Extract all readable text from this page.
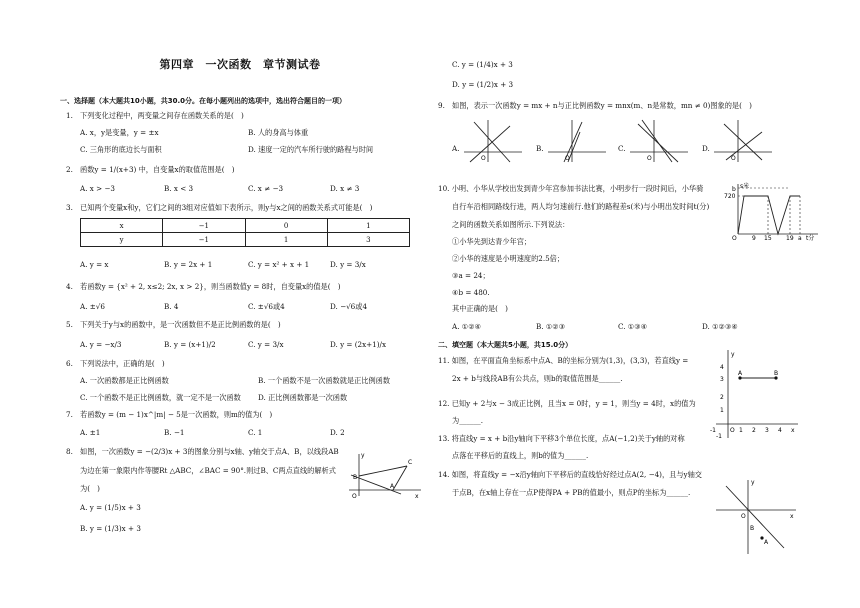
第四章　一次函数　章节测试卷
一、选择题（本大题共10小题，共30.0分。在每小题列出的选项中，选出符合题目的一项）
1.　下列变化过程中，两变量之间存在函数关系的是(　)
A. x，y是变量，y = ±x	B. 人的身高与体重
C. 三角形的底边长与面积	D. 速度一定的汽车所行驶的路程与时间
2.　函数y = 1/(x+3) 中，自变量x的取值范围是(　)
A. x > −3	B. x < 3	C. x ≠ −3	D. x ≠ 3
3.　已知两个变量x和y，它们之间的3组对应值如下表所示，则y与x之间的函数关系式可能是(　)
x	−1	0	1
y	−1	1	3
A. y = x	B. y = 2x + 1	C. y = x² + x + 1	D. y = 3/x
4.　若函数y = {x² + 2, x≤2; 2x, x > 2}，则当函数值y = 8时，自变量x的值是(　)
A. ±√6	B. 4	C. ±√6或4	D. −√6或4
5.　下列关于y与x的函数中，是一次函数但不是正比例函数的是(　)
A. y = −x/3	B. y = (x+1)/2	C. y = 3/x	D. y = (2x+1)/x
6.　下列说法中，正确的是(　)
A. 一次函数都是正比例函数	B. 一个函数不是一次函数就是正比例函数
C. 一个函数不是正比例函数，就一定不是一次函数 D. 正比例函数都是一次函数
7.　若函数y = (m − 1)x^|m| − 5是一次函数，则m的值为(　)
A. ±1	B. −1	C. 1	D. 2
8.　如图，一次函数y = −(2/3)x + 3的图象分别与x轴、y轴交于点A、B，以线段AB
为边在第一象限内作等腰Rt △ABC，∠BAC = 90°.则过B、C两点直线的解析式
为(　)
A. y = (1/5)x + 3
B. y = (1/3)x + 3
B
A
C
O	x
y
C. y = (1/4)x + 3
D. y = (1/2)x + 3
9.　如图，表示一次函数y = mx + n与正比例函数y = mnx(m、n是常数，mn ≠ 0)图象的是(　)
A.	B.	C.	D.
O	O	O	O
10. 小明、小华从学校出发到青少年宫参加书法比赛，小明步行一段时间后，小华骑
自行车沿相同路线行进，两人均匀速前行.他们的路程差s(米)与小明出发时间t(分)
之间的函数关系如图所示.下列说法：
①小华先到达青少年宫；
②小华的速度是小明速度的2.5倍；
③a = 24；
④b = 480.
其中正确的是(　)
A. ①②④	B. ①②③	C. ①③④	D. ①②③④
s米
b
720
O	9 15 19 a t分
二、填空题（本大题共5小题，共15.0分）
11. 如图，在平面直角坐标系中点A、B的坐标分别为(1,3)，(3,3)，若直线y =
2x + b与线段AB有公共点，则b的取值范围是______.
A	B
y
4
3
2
1
-1
-1 O 1 2 3 4 x
12. 已知y + 2与x − 3成正比例，且当x = 0时，y = 1，则当y = 4时，x的值为
为______.
13. 将直线y = x + b沿y轴向下平移3个单位长度，点A(−1,2)关于y轴的对称
点落在平移后的直线上，则b的值为______.
14. 如图，将直线y = −x沿y轴向下平移后的直线恰好经过点A(2, −4)，且与y轴交
于点B，在x轴上存在一点P使得PA + PB的值最小，则点P的坐标为______.
y
x
O
B
A
